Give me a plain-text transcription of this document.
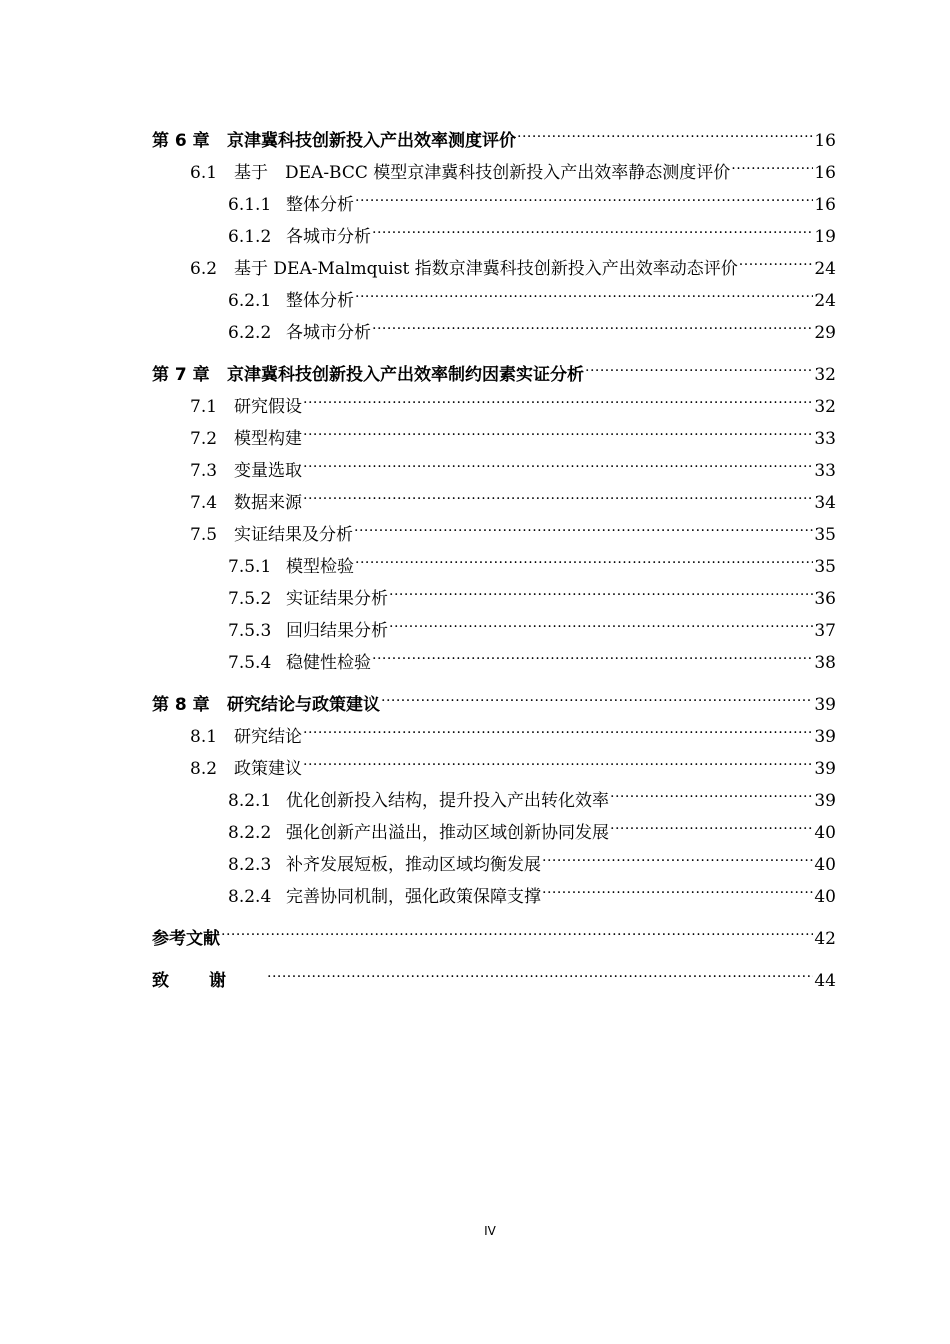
第 6 章	京津冀科技创新投入产出效率测度评价 .....	16
6.1 基于　DEA-BCC 模型京津冀科技创新投入产出效率静态测度评价 .....	16
6.1.1 整体分析 .....	16
6.1.2 各城市分析 .....	19
6.2 基于 DEA-Malmquist 指数京津冀科技创新投入产出效率动态评价 .....	24
6.2.1 整体分析 .....	24
6.2.2 各城市分析 .....	29
第 7 章	京津冀科技创新投入产出效率制约因素实证分析 .....	32
7.1 研究假设 .....	32
7.2 模型构建 .....	33
7.3 变量选取 .....	33
7.4 数据来源 .....	34
7.5 实证结果及分析 .....	35
7.5.1 模型检验 .....	35
7.5.2 实证结果分析 .....	36
7.5.3 回归结果分析 .....	37
7.5.4 稳健性检验 .....	38
第 8 章	研究结论与政策建议 .....	39
8.1 研究结论 .....	39
8.2 政策建议 .....	39
8.2.1 优化创新投入结构，提升投入产出转化效率 .....	39
8.2.2 强化创新产出溢出，推动区域创新协同发展 .....	40
8.2.3 补齐发展短板，推动区域均衡发展 .....	40
8.2.4 完善协同机制，强化政策保障支撑 .....	40
参考文献 .....	42
致谢 .....	44
IV
